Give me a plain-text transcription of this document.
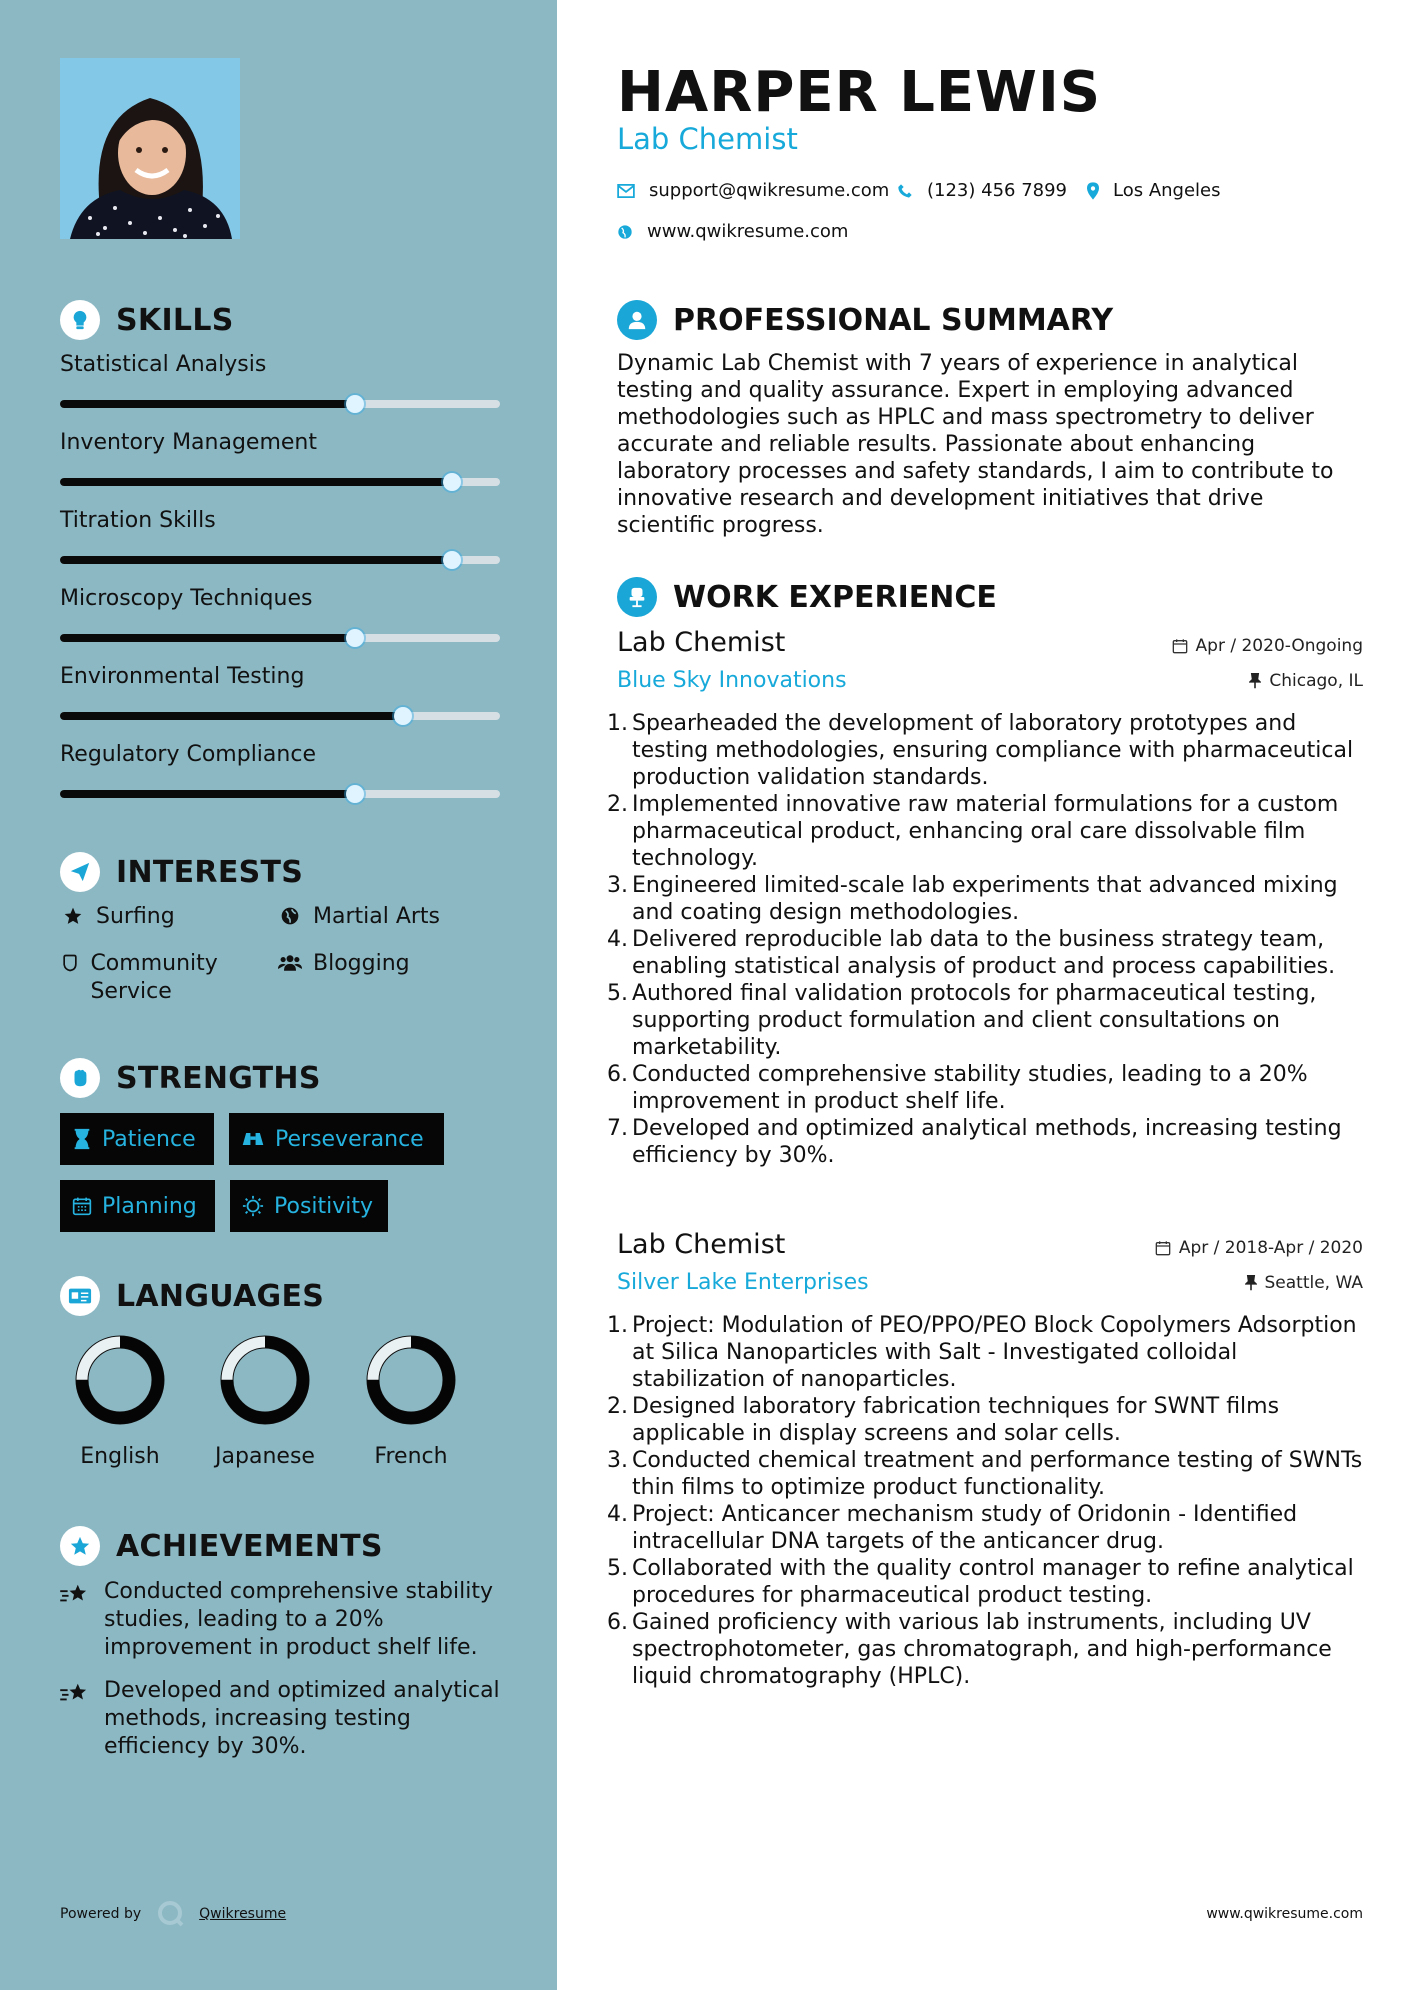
SKILLS
Statistical Analysis
Inventory Management
Titration Skills
Microscopy Techniques
Environmental Testing
Regulatory Compliance
INTERESTS
Surfing	Martial Arts
Community Service
Blogging
STRENGTHS
Patience	Perseverance
Planning	Positivity
LANGUAGES
English	Japanese	French
ACHIEVEMENTS
Conducted comprehensive stability studies, leading to a 20% improvement in product shelf life.
Developed and optimized analytical methods, increasing testing efficiency by 30%.
Powered by	Qwikresume
HARPER LEWIS
Lab Chemist
support@qwikresume.com (123) 456 7899	Los Angeles
www.qwikresume.com
PROFESSIONAL SUMMARY
Dynamic Lab Chemist with 7 years of experience in analytical testing and quality assurance. Expert in employing advanced methodologies such as HPLC and mass spectrometry to deliver accurate and reliable results. Passionate about enhancing laboratory processes and safety standards, I aim to contribute to innovative research and development initiatives that drive scientific progress.
WORK EXPERIENCE
Lab Chemist
Blue Sky Innovations
Apr / 2020-Ongoing
Chicago, IL
1. Spearheaded the development of laboratory prototypes and testing methodologies, ensuring compliance with pharmaceutical production validation standards.
2. Implemented innovative raw material formulations for a custom pharmaceutical product, enhancing oral care dissolvable film technology.
3. Engineered limited-scale lab experiments that advanced mixing and coating design methodologies.
4. Delivered reproducible lab data to the business strategy team, enabling statistical analysis of product and process capabilities.
5. Authored final validation protocols for pharmaceutical testing, supporting product formulation and client consultations on marketability.
6. Conducted comprehensive stability studies, leading to a 20% improvement in product shelf life.
7. Developed and optimized analytical methods, increasing testing efficiency by 30%.
Lab Chemist
Silver Lake Enterprises
Apr / 2018-Apr / 2020
Seattle, WA
1. Project: Modulation of PEO/PPO/PEO Block Copolymers Adsorption at Silica Nanoparticles with Salt - Investigated colloidal stabilization of nanoparticles.
2. Designed laboratory fabrication techniques for SWNT films applicable in display screens and solar cells.
3. Conducted chemical treatment and performance testing of SWNTs thin films to optimize product functionality.
4. Project: Anticancer mechanism study of Oridonin - Identified intracellular DNA targets of the anticancer drug.
5. Collaborated with the quality control manager to refine analytical procedures for pharmaceutical product testing.
6. Gained proficiency with various lab instruments, including UV spectrophotometer, gas chromatograph, and high-performance liquid chromatography (HPLC).
www.qwikresume.com
